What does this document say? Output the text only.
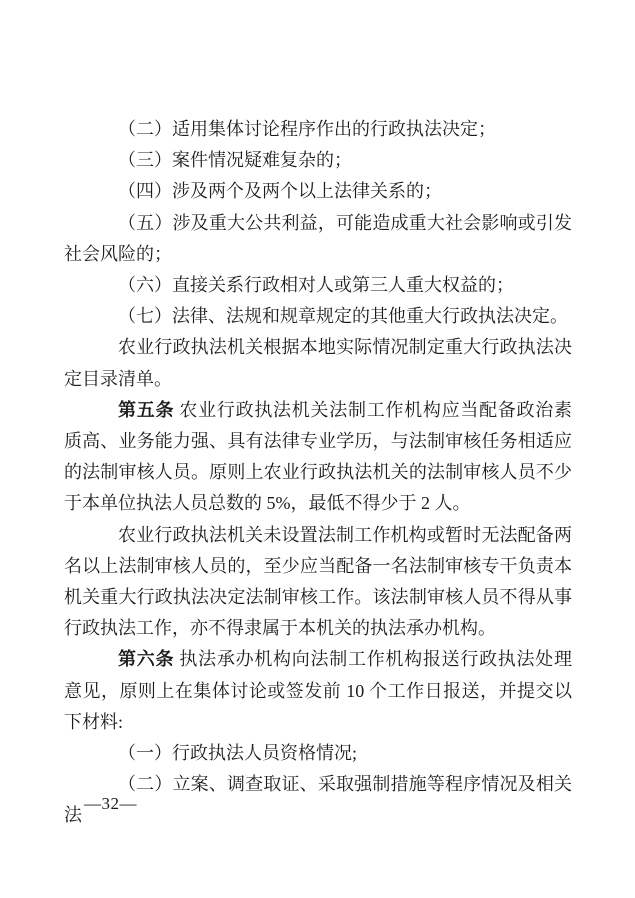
（二）适用集体讨论程序作出的行政执法决定；

（三）案件情况疑难复杂的；

（四）涉及两个及两个以上法律关系的；

（五）涉及重大公共利益，可能造成重大社会影响或引发社会风险的；

（六）直接关系行政相对人或第三人重大权益的；

（七）法律、法规和规章规定的其他重大行政执法决定。

农业行政执法机关根据本地实际情况制定重大行政执法决定目录清单。

第五条 农业行政执法机关法制工作机构应当配备政治素质高、业务能力强、具有法律专业学历，与法制审核任务相适应的法制审核人员。原则上农业行政执法机关的法制审核人员不少于本单位执法人员总数的 5%，最低不得少于 2 人。

农业行政执法机关未设置法制工作机构或暂时无法配备两名以上法制审核人员的，至少应当配备一名法制审核专干负责本机关重大行政执法决定法制审核工作。该法制审核人员不得从事行政执法工作，亦不得隶属于本机关的执法承办机构。

第六条 执法承办机构向法制工作机构报送行政执法处理意见，原则上在集体讨论或签发前 10 个工作日报送，并提交以下材料:

（一）行政执法人员资格情况;

（二）立案、调查取证、采取强制措施等程序情况及相关法

—32—
